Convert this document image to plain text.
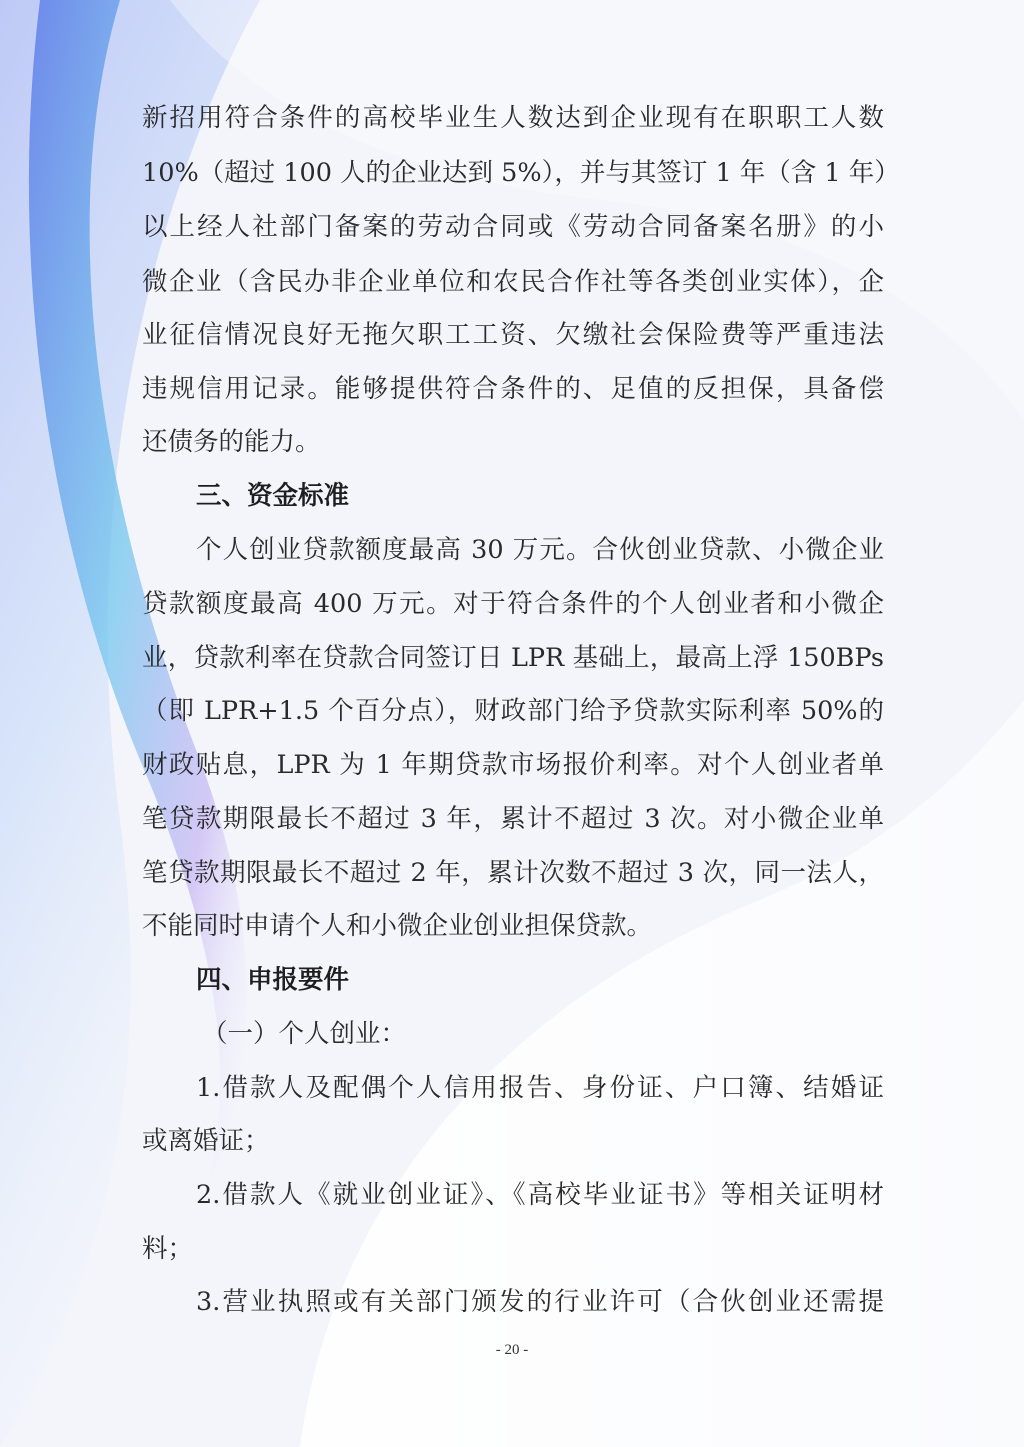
新招用符合条件的高校毕业生人数达到企业现有在职职工人数
10%（超过 100 人的企业达到 5%），并与其签订 1 年（含 1 年）
以上经人社部门备案的劳动合同或《劳动合同备案名册》的小
微企业（含民办非企业单位和农民合作社等各类创业实体），企
业征信情况良好无拖欠职工工资、欠缴社会保险费等严重违法
违规信用记录。能够提供符合条件的、足值的反担保，具备偿
还债务的能力。
三、资金标准
个人创业贷款额度最高 30 万元。合伙创业贷款、小微企业
贷款额度最高 400 万元。对于符合条件的个人创业者和小微企
业，贷款利率在贷款合同签订日 LPR 基础上，最高上浮 150BPs
（即 LPR+1.5 个百分点），财政部门给予贷款实际利率 50%的
财政贴息，LPR 为 1 年期贷款市场报价利率。对个人创业者单
笔贷款期限最长不超过 3 年，累计不超过 3 次。对小微企业单
笔贷款期限最长不超过 2 年，累计次数不超过 3 次，同一法人，
不能同时申请个人和小微企业创业担保贷款。
四、申报要件
（一）个人创业：
1.借款人及配偶个人信用报告、身份证、户口簿、结婚证
或离婚证；
2.借款人《就业创业证》、《高校毕业证书》等相关证明材
料；
3.营业执照或有关部门颁发的行业许可（合伙创业还需提
- 20 -
